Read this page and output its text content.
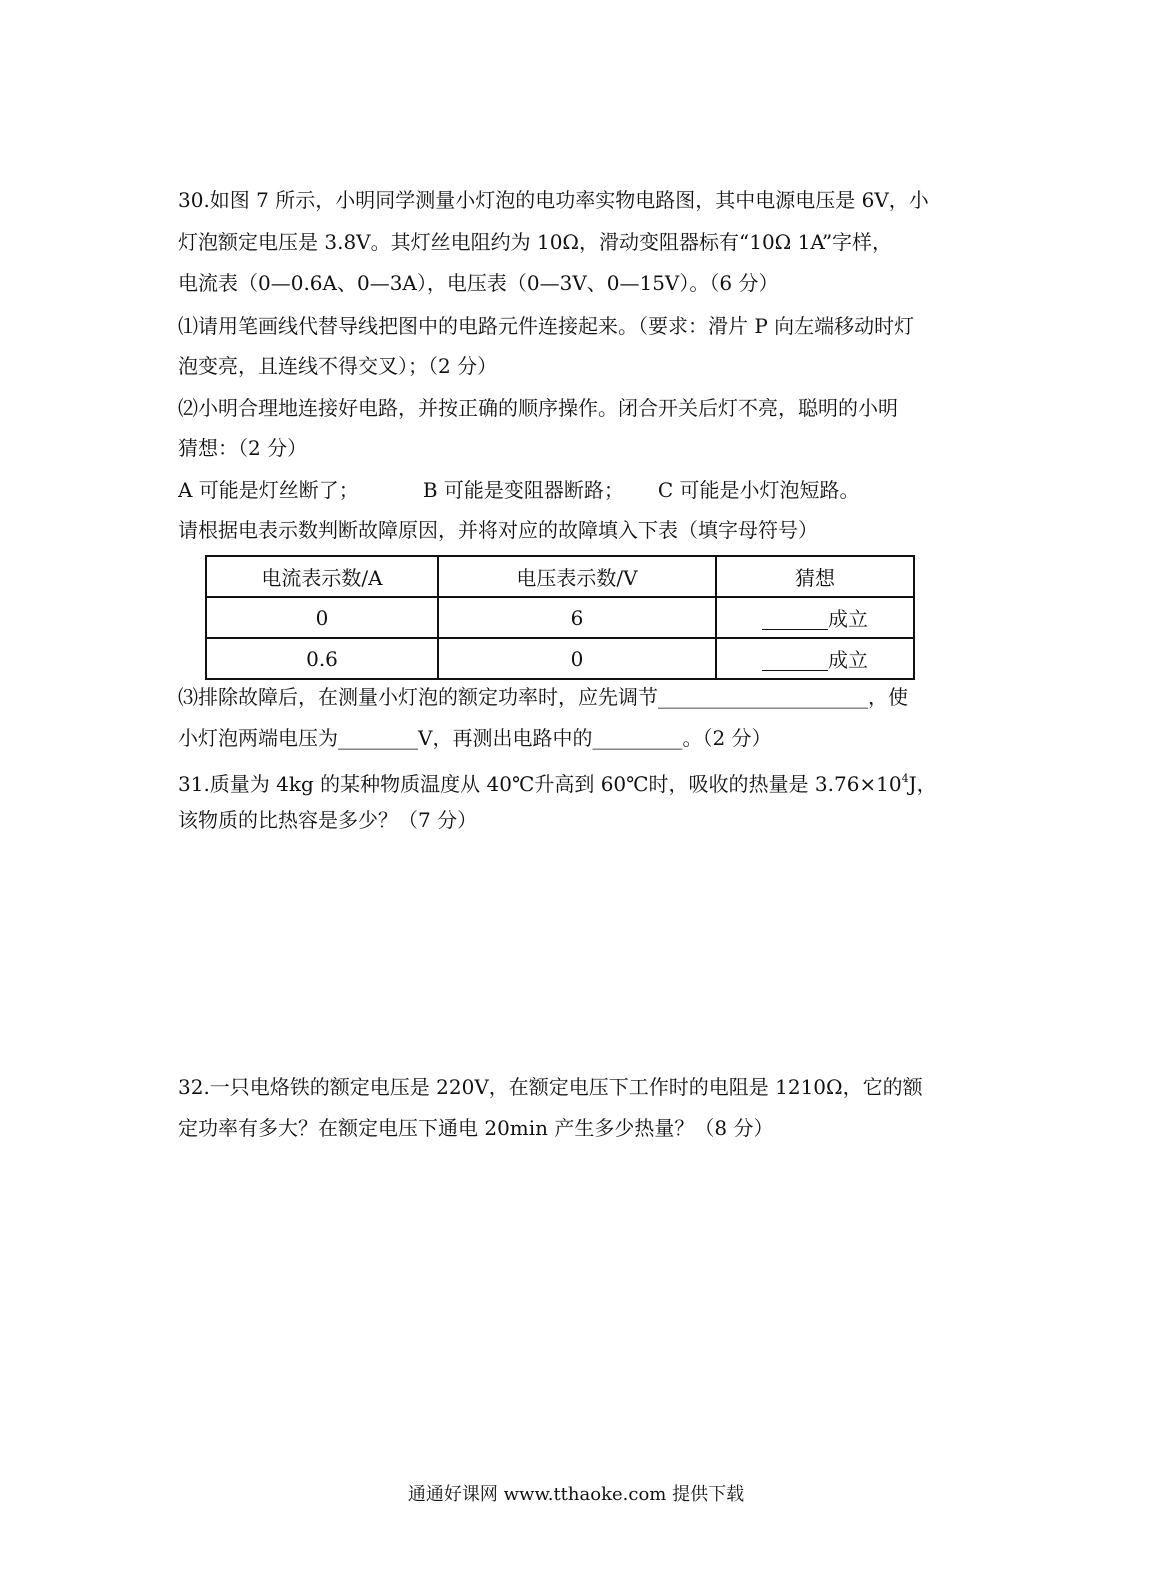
30.如图 7 所示，小明同学测量小灯泡的电功率实物电路图，其中电源电压是 6V，小
灯泡额定电压是 3.8V。其灯丝电阻约为 10Ω，滑动变阻器标有“10Ω 1A”字样，
电流表（0—0.6A、0—3A），电压表（0—3V、0—15V）。（6 分）
⑴请用笔画线代替导线把图中的电路元件连接起来。（要求：滑片 P 向左端移动时灯
泡变亮，且连线不得交叉）；（2 分）
⑵小明合理地连接好电路，并按正确的顺序操作。闭合开关后灯不亮，聪明的小明
猜想：（2 分）
A 可能是灯丝断了；	B 可能是变阻器断路； C 可能是小灯泡短路。
请根据电表示数判断故障原因，并将对应的故障填入下表（填字母符号）
电流表示数/A	电压表示数/V	猜想
0	6	成立
0.6	0	成立
⑶排除故障后，在测量小灯泡的额定功率时，应先调节_____________________，使
小灯泡两端电压为________V，再测出电路中的_________。（2 分）
31.质量为 4kg 的某种物质温度从 40℃升高到 60℃时，吸收的热量是 $3.76\times 10^4J$，
该物质的比热容是多少？（7 分）
32.一只电烙铁的额定电压是 220V，在额定电压下工作时的电阻是 1210Ω，它的额
定功率有多大？在额定电压下通电 20min 产生多少热量？（8 分）
通通好课网 www.tthaoke.com 提供下载
